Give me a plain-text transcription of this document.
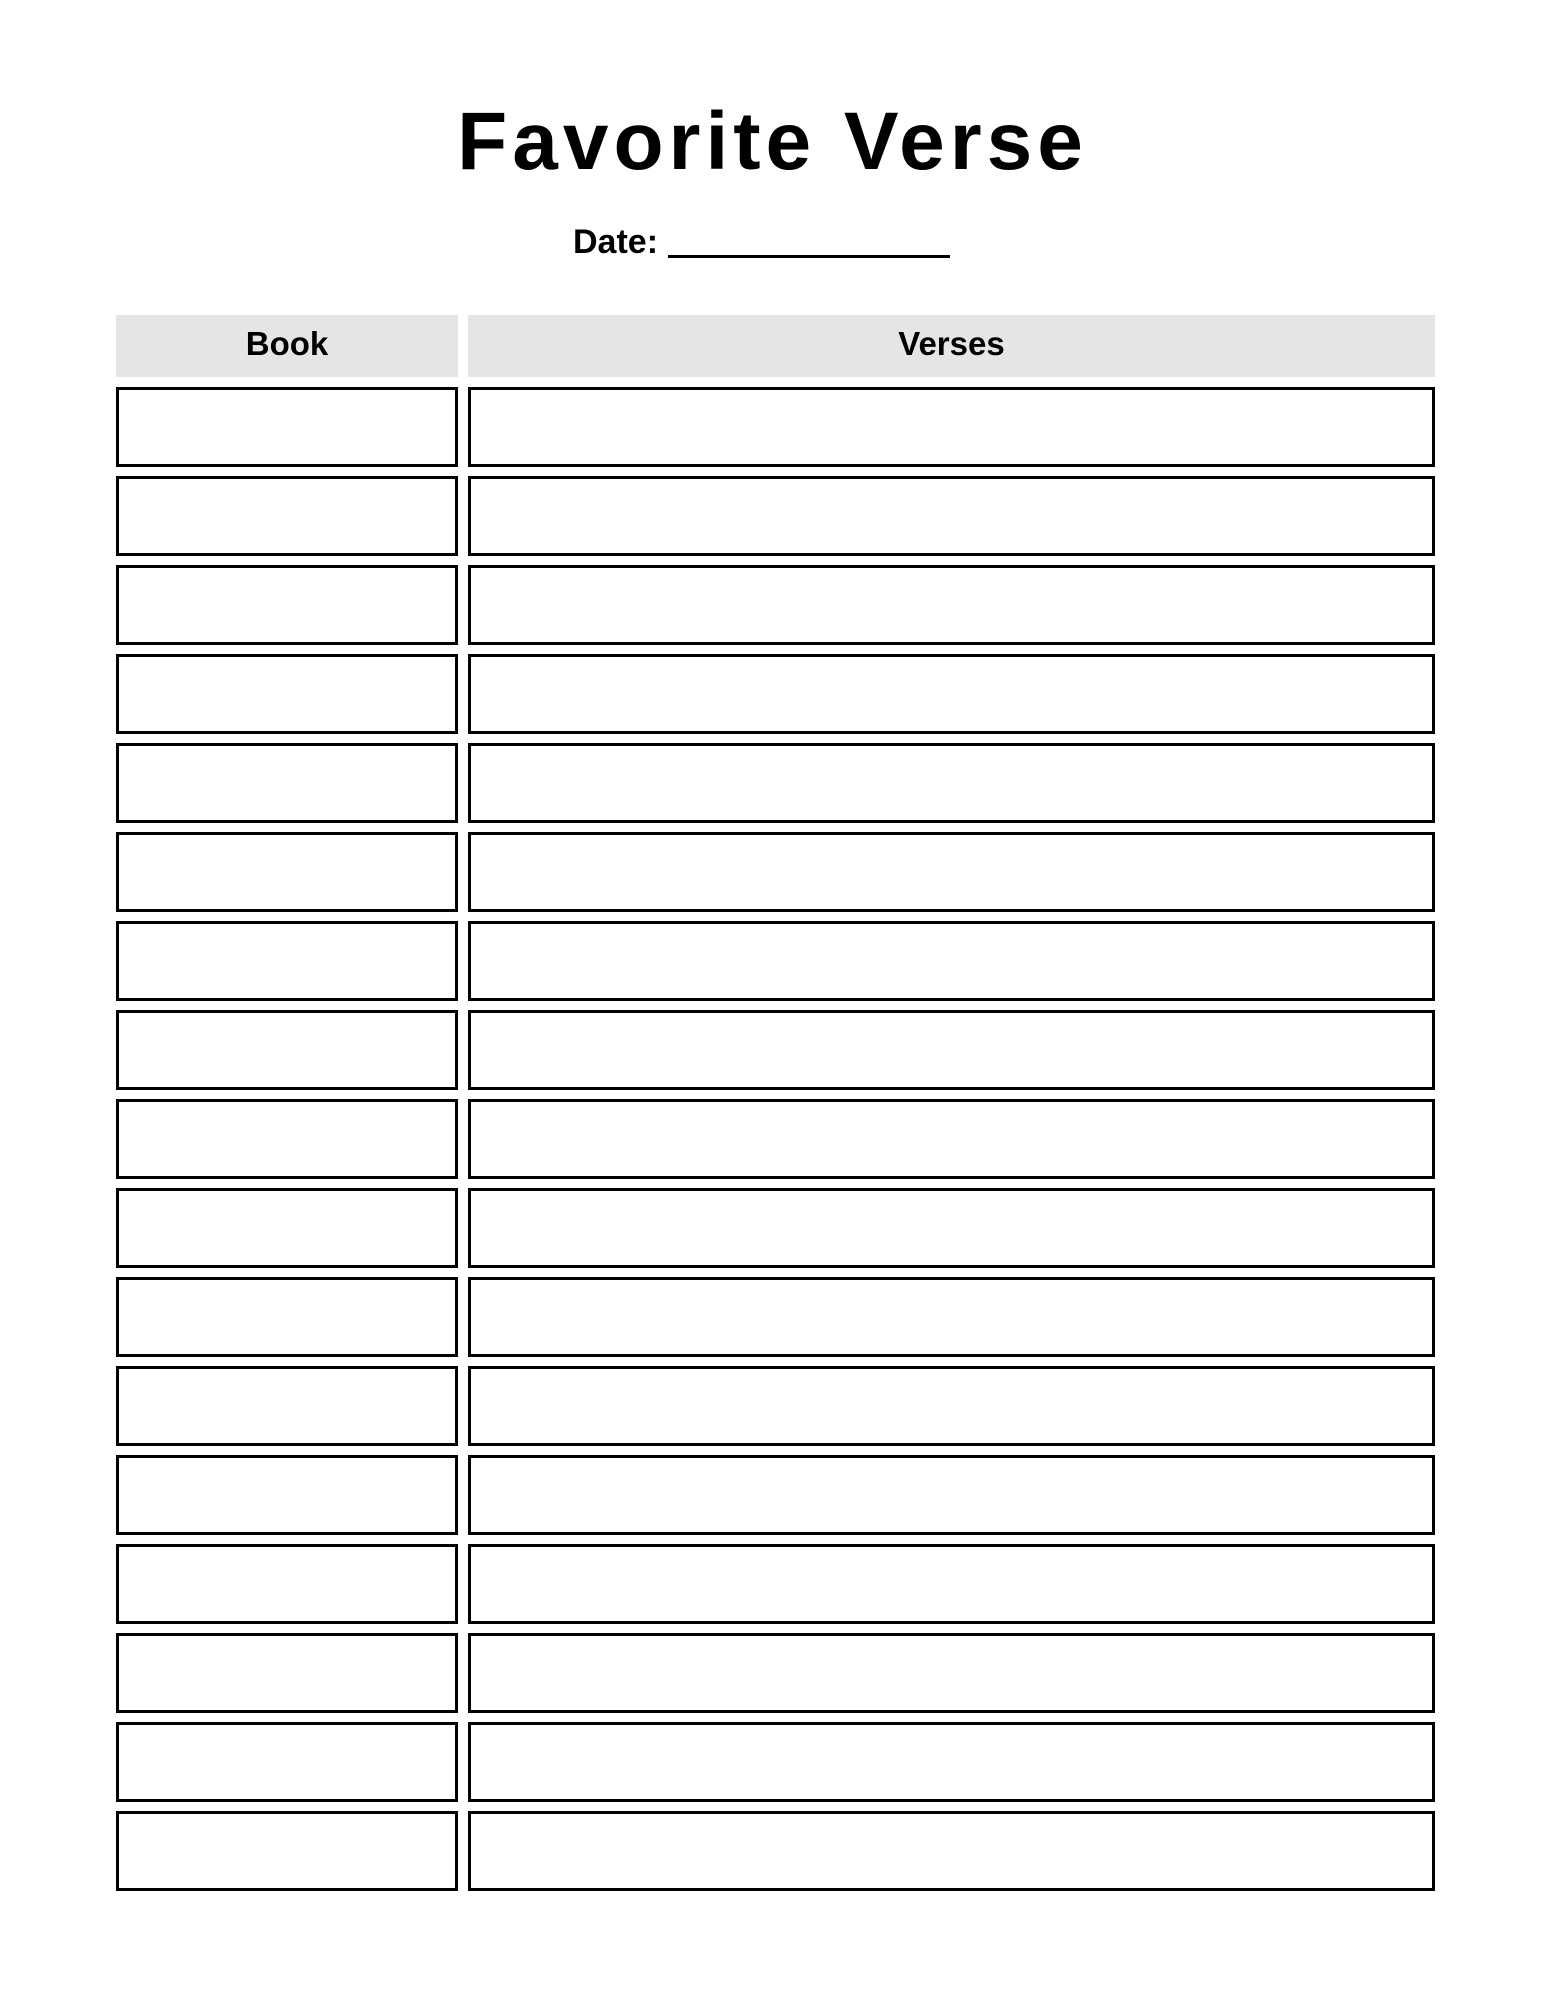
Favorite Verse
Date:
Book	Verses
